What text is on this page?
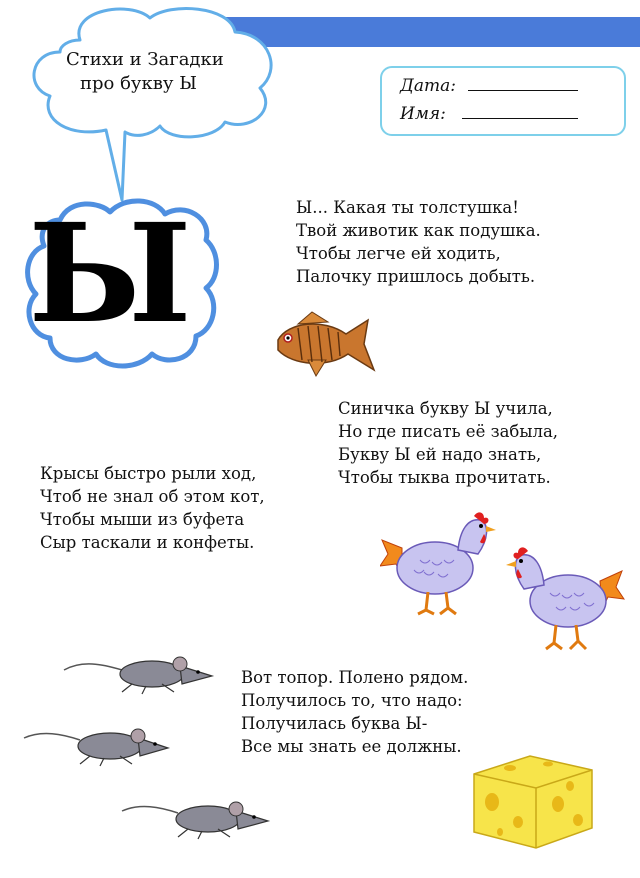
Стихи и Загадки
про букву Ы	Дата:
Имя:
Ы	Ы... Какая ты толстушка!
Твой животик как подушка.
Чтобы легче ей ходить,
Палочку пришлось добыть.
Синичка букву Ы учила,
Но где писать её забыла,
Букву Ы ей надо знать,
Чтобы тыква прочитать.
Крысы быстро рыли ход,
Чтоб не знал об этом кот,
Чтобы мыши из буфета
Сыр таскали и конфеты.
Вот топор. Полено рядом.
Получилось то, что надо:
Получилась буква Ы-
Все мы знать ее должны.
